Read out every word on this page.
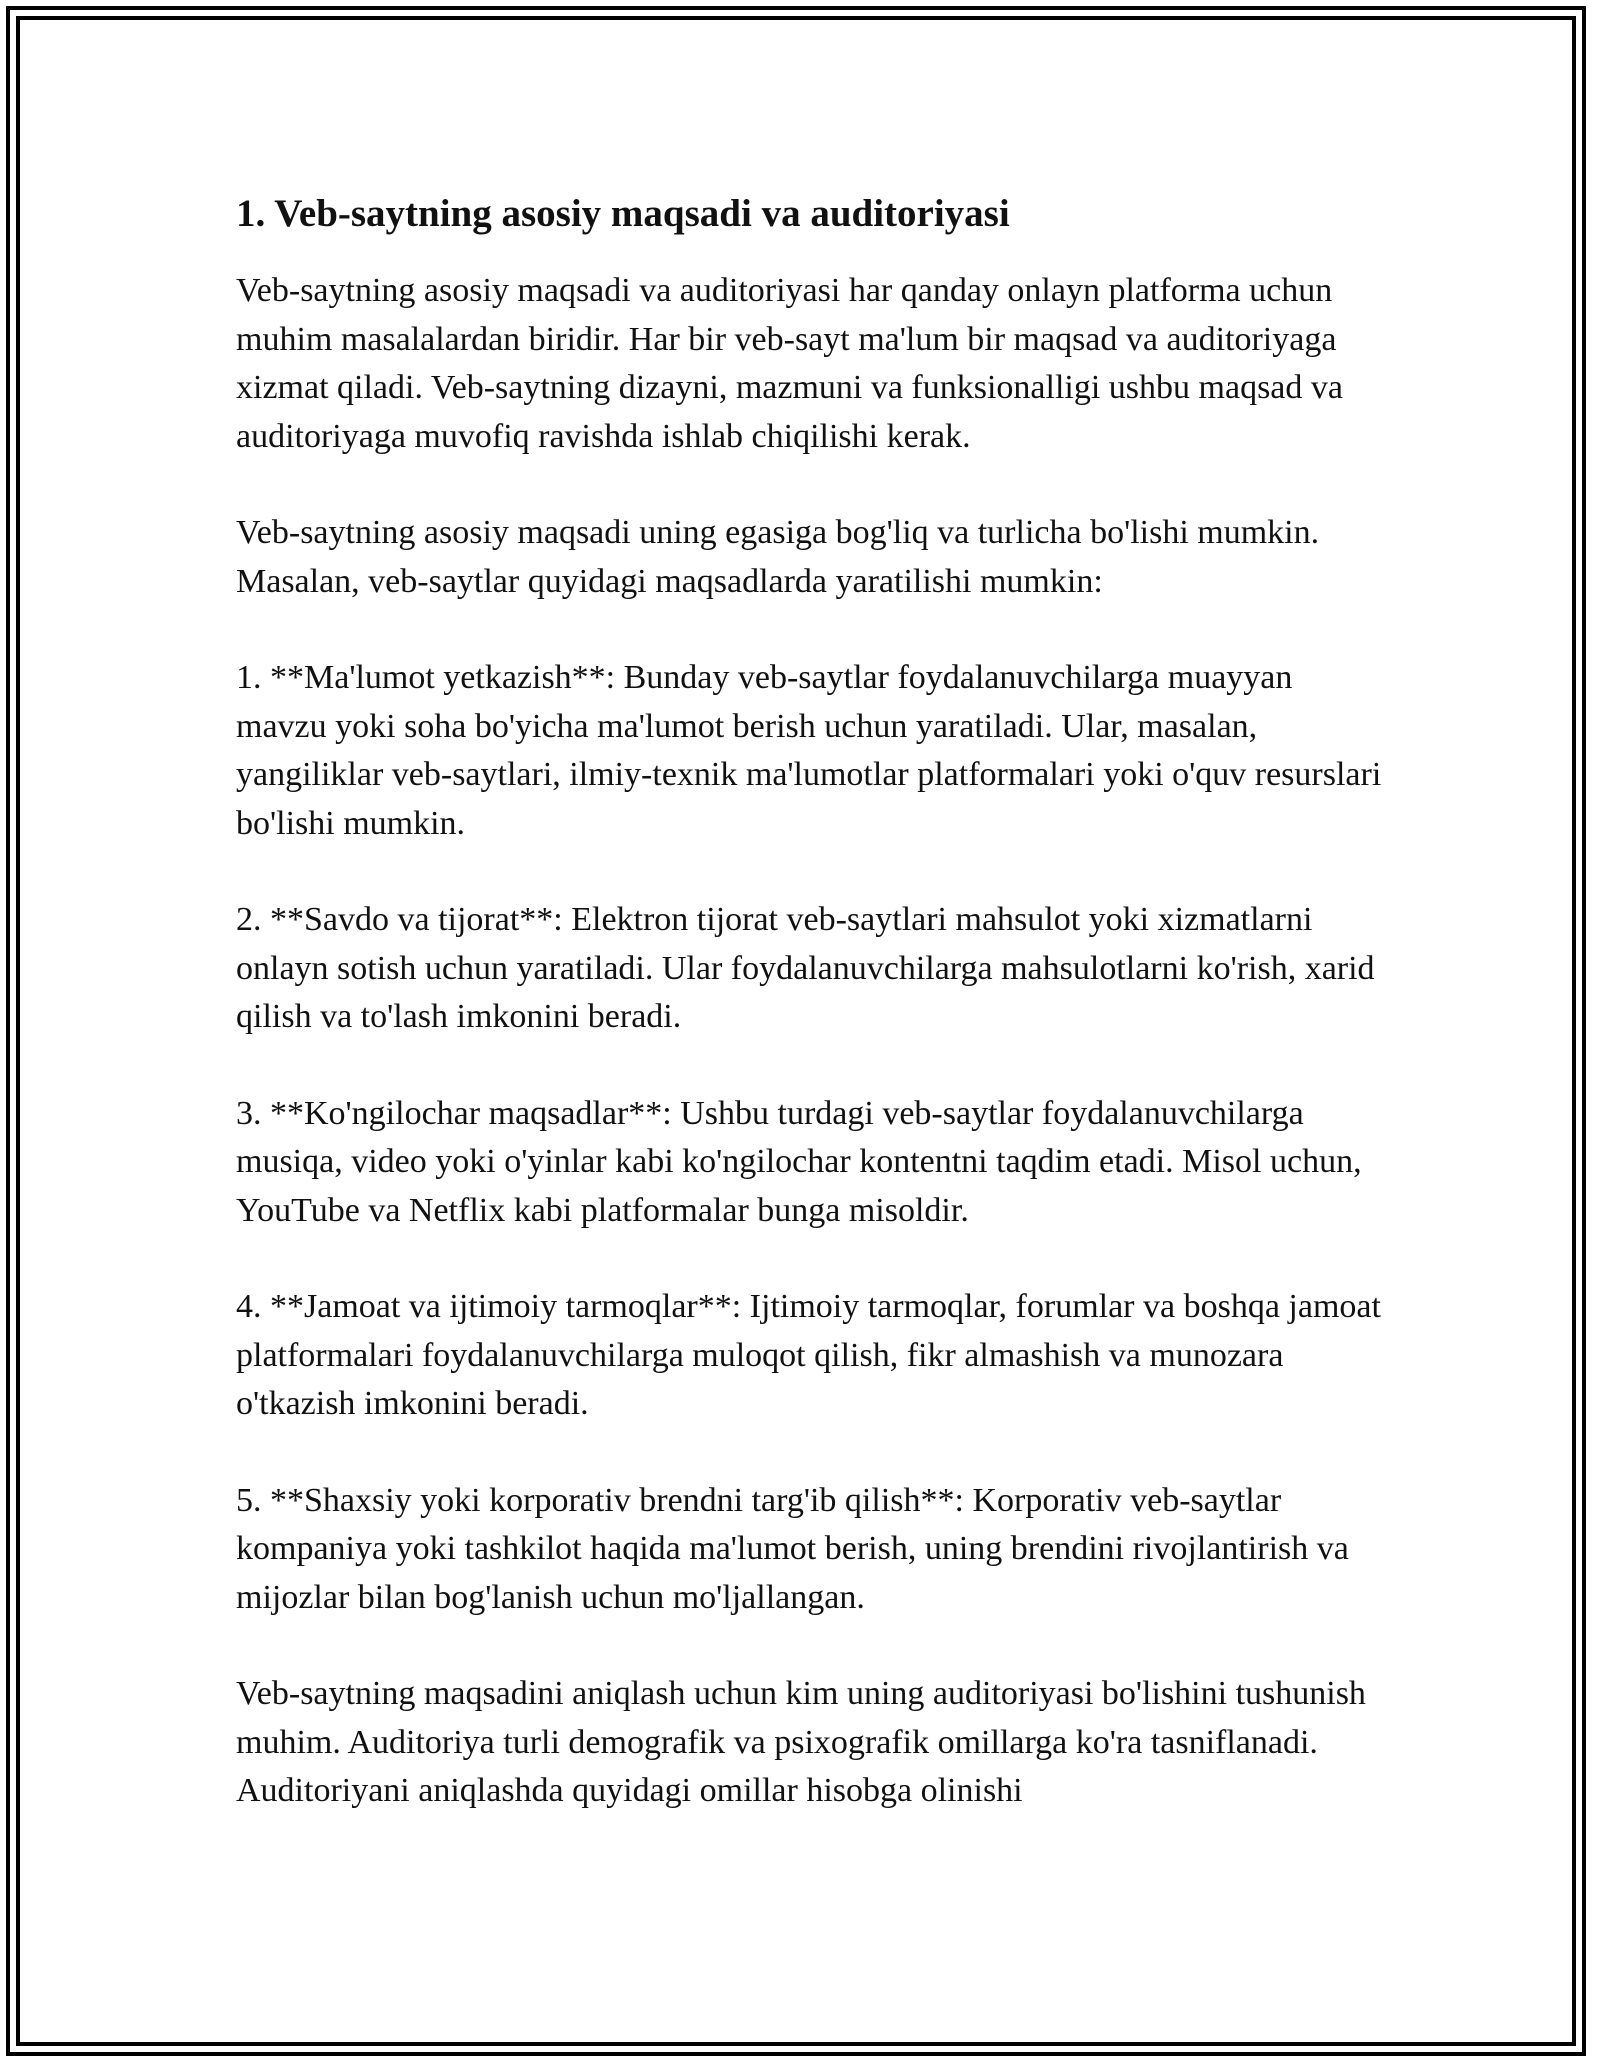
1. Veb-saytning asosiy maqsadi va auditoriyasi

Veb-saytning asosiy maqsadi va auditoriyasi har qanday onlayn platforma uchun muhim masalalardan biridir. Har bir veb-sayt ma'lum bir maqsad va auditoriyaga xizmat qiladi. Veb-saytning dizayni, mazmuni va funksionalligi ushbu maqsad va auditoriyaga muvofiq ravishda ishlab chiqilishi kerak.

Veb-saytning asosiy maqsadi uning egasiga bog'liq va turlicha bo'lishi mumkin. Masalan, veb-saytlar quyidagi maqsadlarda yaratilishi mumkin:

1. **Ma'lumot yetkazish**: Bunday veb-saytlar foydalanuvchilarga muayyan mavzu yoki soha bo'yicha ma'lumot berish uchun yaratiladi. Ular, masalan, yangiliklar veb-saytlari, ilmiy-texnik ma'lumotlar platformalari yoki o'quv resurslari bo'lishi mumkin.

2. **Savdo va tijorat**: Elektron tijorat veb-saytlari mahsulot yoki xizmatlarni onlayn sotish uchun yaratiladi. Ular foydalanuvchilarga mahsulotlarni ko'rish, xarid qilish va to'lash imkonini beradi.

3. **Ko'ngilochar maqsadlar**: Ushbu turdagi veb-saytlar foydalanuvchilarga musiqa, video yoki o'yinlar kabi ko'ngilochar kontentni taqdim etadi. Misol uchun, YouTube va Netflix kabi platformalar bunga misoldir.

4. **Jamoat va ijtimoiy tarmoqlar**: Ijtimoiy tarmoqlar, forumlar va boshqa jamoat platformalari foydalanuvchilarga muloqot qilish, fikr almashish va munozara o'tkazish imkonini beradi.

5. **Shaxsiy yoki korporativ brendni targ'ib qilish**: Korporativ veb-saytlar kompaniya yoki tashkilot haqida ma'lumot berish, uning brendini rivojlantirish va mijozlar bilan bog'lanish uchun mo'ljallangan.

Veb-saytning maqsadini aniqlash uchun kim uning auditoriyasi bo'lishini tushunish muhim. Auditoriya turli demografik va psixografik omillarga ko'ra tasniflanadi. Auditoriyani aniqlashda quyidagi omillar hisobga olinishi
